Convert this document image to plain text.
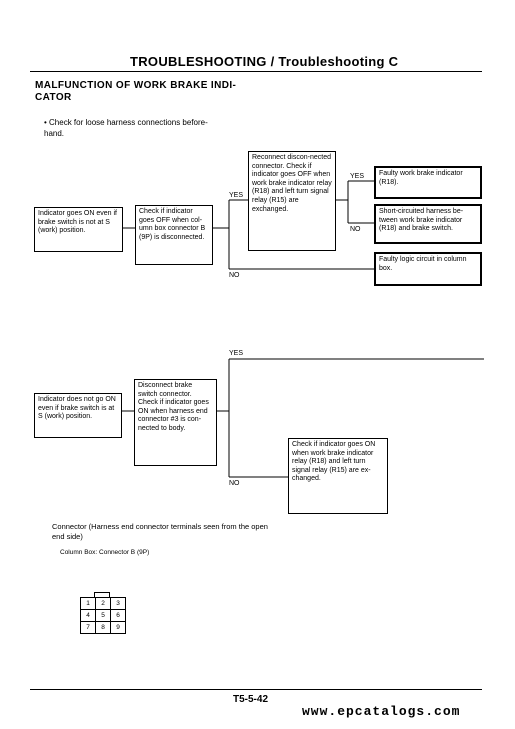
TROUBLESHOOTING / Troubleshooting C
MALFUNCTION OF WORK BRAKE INDI-
CATOR
• Check for loose harness connections before-
hand.
Indicator goes ON even if brake switch is not at S (work) position.
Check if indicator goes OFF when col-umn box connector B (9P) is disconnected.
Reconnect discon-nected connector. Check if indicator goes OFF when work brake indicator relay (R18) and left turn signal relay (R15) are exchanged.
Faulty work brake indicator (R18).
Short-circuited harness be-tween work brake indicator (R18) and brake switch.
Faulty logic circuit in column box.
YES
NO
YES
NO
Indicator does not go ON even if brake switch is at S (work) position.
Disconnect brake switch connector. Check if indicator goes ON when harness end connector #3 is con-nected to body.
Check if indicator goes ON when work brake indicator relay (R18) and left turn signal relay (R15) are ex-changed.
YES
NO
Connector (Harness end connector terminals seen from the open end side)
Column Box: Connector B (9P)
1	2	3
4	5	6
7	8	9
T5-5-42
www.epcatalogs.com
